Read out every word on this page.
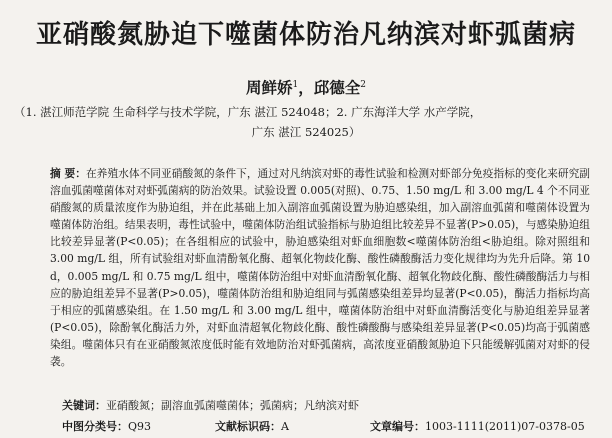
亚硝酸氮胁迫下噬菌体防治凡纳滨对虾弧菌病
周鲜娇$^1$，邱德全$^2$
（1. 湛江师范学院 生命科学与技术学院，广东 湛江 524048；2. 广东海洋大学 水产学院，
广东 湛江 524025）
摘 要：在养殖水体不同亚硝酸氮的条件下，通过对凡纳滨对虾的毒性试验和检测对虾部分免疫指标的变化来研究副溶血弧菌噬菌体对对虾弧菌病的防治效果。试验设置 0.005(对照)、0.75、1.50 mg/L 和 3.00 mg/L 4 个不同亚硝酸氮的质量浓度作为胁迫组，并在此基础上加入副溶血弧菌设置为胁迫感染组，加入副溶血弧菌和噬菌体设置为噬菌体防治组。结果表明，毒性试验中，噬菌体防治组试验指标与胁迫组比较差异不显著(P>0.05)，与感染胁迫组比较差异显著(P<0.05)；在各组相应的试验中，胁迫感染组对虾血细胞数<噬菌体防治组<胁迫组。除对照组和 3.00 mg/L 组，所有试验组对虾血清酚氧化酶、超氧化物歧化酶、酸性磷酸酶活力变化规律均为先升后降。第 10 d，0.005 mg/L 和 0.75 mg/L 组中，噬菌体防治组中对虾血清酚氧化酶、超氧化物歧化酶、酸性磷酸酶活力与相应的胁迫组差异不显著(P>0.05)，噬菌体防治组和胁迫组同与弧菌感染组差异均显著(P<0.05)，酶活力指标均高于相应的弧菌感染组。在 1.50 mg/L 和 3.00 mg/L 组中，噬菌体防治组中对虾血清酶活变化与胁迫组差异显著(P<0.05)，除酚氧化酶活力外，对虾血清超氧化物歧化酶、酸性磷酸酶与感染组差异显著(P<0.05)均高于弧菌感染组。噬菌体只有在亚硝酸氮浓度低时能有效地防治对虾弧菌病，高浓度亚硝酸氮胁迫下只能缓解弧菌对对虾的侵袭。
关键词：亚硝酸氮；副溶血弧菌噬菌体；弧菌病；凡纳滨对虾
中图分类号：Q93	文献标识码：A	文章编号：1003-1111(2011)07-0378-05
